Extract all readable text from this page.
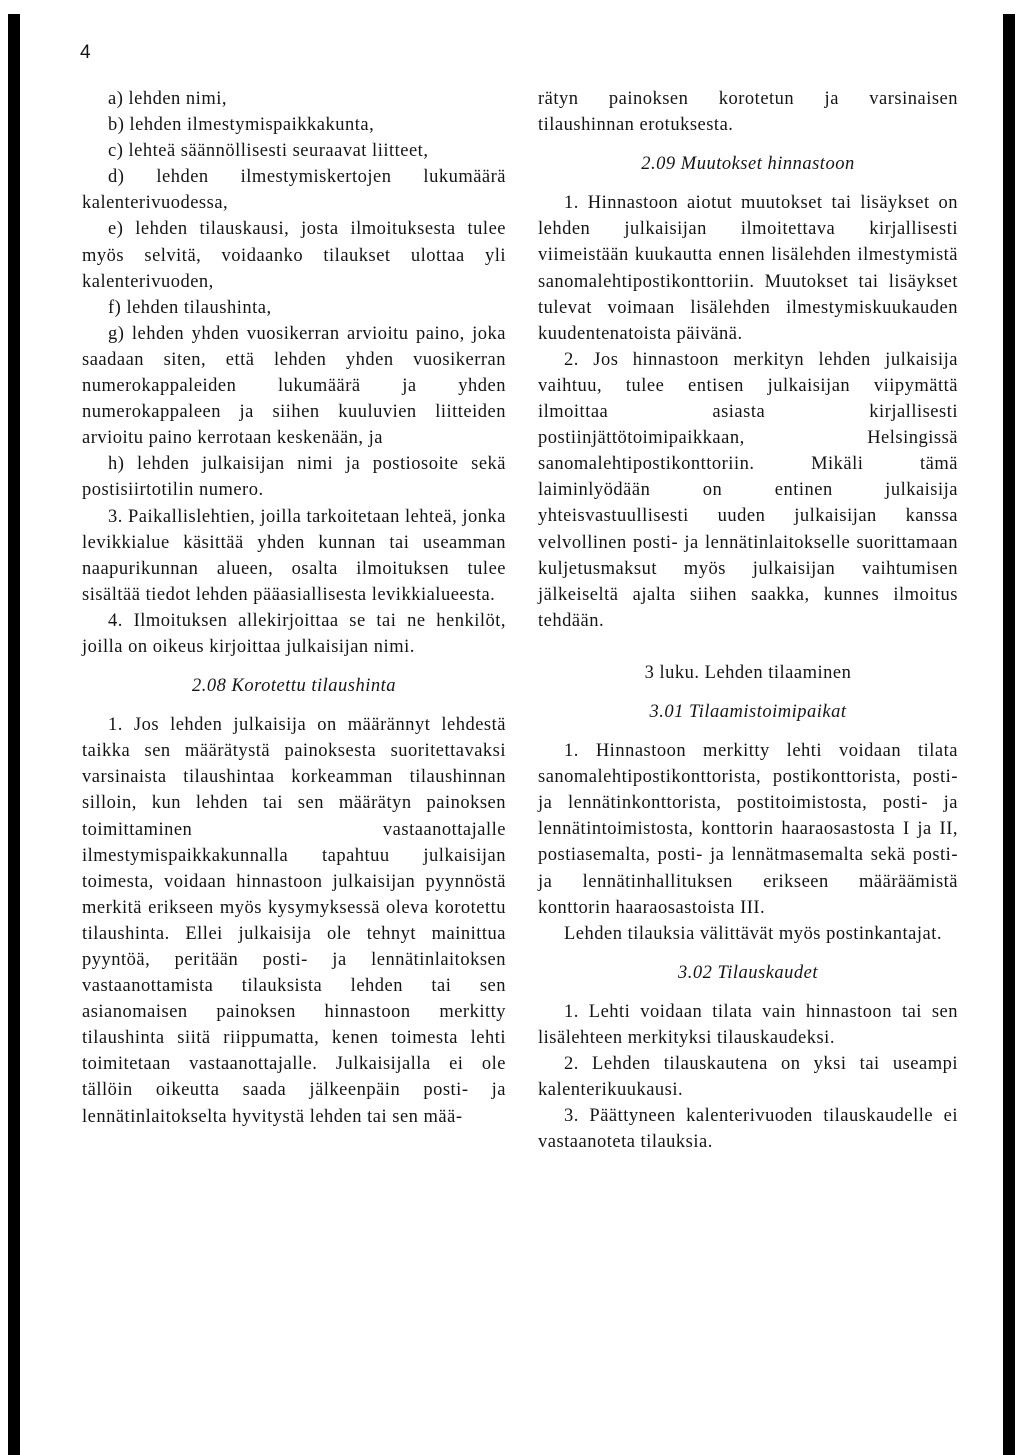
4

a) lehden nimi,

b) lehden ilmestymispaikkakunta,

c) lehteä säännöllisesti seuraavat liitteet,

d) lehden ilmestymiskertojen lukumäärä kalenterivuodessa,

e) lehden tilauskausi, josta ilmoituksesta tulee myös selvitä, voidaanko tilaukset ulottaa yli kalenterivuoden,

f) lehden tilaushinta,

g) lehden yhden vuosikerran arvioitu paino, joka saadaan siten, että lehden yhden vuosikerran numerokappaleiden lukumäärä ja yhden numerokappaleen ja siihen kuuluvien liitteiden arvioitu paino kerrotaan keskenään, ja

h) lehden julkaisijan nimi ja postiosoite sekä postisiirtotilin numero.

3. Paikallislehtien, joilla tarkoitetaan lehteä, jonka levikkialue käsittää yhden kunnan tai useamman naapurikunnan alueen, osalta ilmoituksen tulee sisältää tiedot lehden pääasiallisesta levikkialueesta.

4. Ilmoituksen allekirjoittaa se tai ne henkilöt, joilla on oikeus kirjoittaa julkaisijan nimi.

2.08 Korotettu tilaushinta

1. Jos lehden julkaisija on määrännyt lehdestä taikka sen määrätystä painoksesta suoritettavaksi varsinaista tilaushintaa korkeamman tilaushinnan silloin, kun lehden tai sen määrätyn painoksen toimittaminen vastaanottajalle ilmestymispaikkakunnalla tapahtuu julkaisijan toimesta, voidaan hinnastoon julkaisijan pyynnöstä merkitä erikseen myös kysymyksessä oleva korotettu tilaushinta. Ellei julkaisija ole tehnyt mainittua pyyntöä, peritään posti- ja lennätinlaitoksen vastaanottamista tilauksista lehden tai sen asianomaisen painoksen hinnastoon merkitty tilaushinta siitä riippumatta, kenen toimesta lehti toimitetaan vastaanottajalle. Julkaisijalla ei ole tällöin oikeutta saada jälkeenpäin posti- ja lennätinlaitokselta hyvitystä lehden tai sen mää-

rätyn painoksen korotetun ja varsinaisen tilaushinnan erotuksesta.

2.09 Muutokset hinnastoon

1. Hinnastoon aiotut muutokset tai lisäykset on lehden julkaisijan ilmoitettava kirjallisesti viimeistään kuukautta ennen lisälehden ilmestymistä sanomalehtipostikonttoriin. Muutokset tai lisäykset tulevat voimaan lisälehden ilmestymiskuukauden kuudentenatoista päivänä.

2. Jos hinnastoon merkityn lehden julkaisija vaihtuu, tulee entisen julkaisijan viipymättä ilmoittaa asiasta kirjallisesti postiinjättötoimipaikkaan, Helsingissä sanomalehtipostikonttoriin. Mikäli tämä laiminlyödään on entinen julkaisija yhteisvastuullisesti uuden julkaisijan kanssa velvollinen posti- ja lennätinlaitokselle suorittamaan kuljetusmaksut myös julkaisijan vaihtumisen jälkeiseltä ajalta siihen saakka, kunnes ilmoitus tehdään.

3 luku. Lehden tilaaminen

3.01 Tilaamistoimipaikat

1. Hinnastoon merkitty lehti voidaan tilata sanomalehtipostikonttorista, postikonttorista, posti- ja lennätinkonttorista, postitoimistosta, posti- ja lennätintoimistosta, konttorin haaraosastosta I ja II, postiasemalta, posti- ja lennätmasemalta sekä posti- ja lennätinhallituksen erikseen määräämistä konttorin haaraosastoista III.

Lehden tilauksia välittävät myös postinkantajat.

3.02 Tilauskaudet

1. Lehti voidaan tilata vain hinnastoon tai sen lisälehteen merkityksi tilauskaudeksi.

2. Lehden tilauskautena on yksi tai useampi kalenterikuukausi.

3. Päättyneen kalenterivuoden tilauskaudelle ei vastaanoteta tilauksia.
